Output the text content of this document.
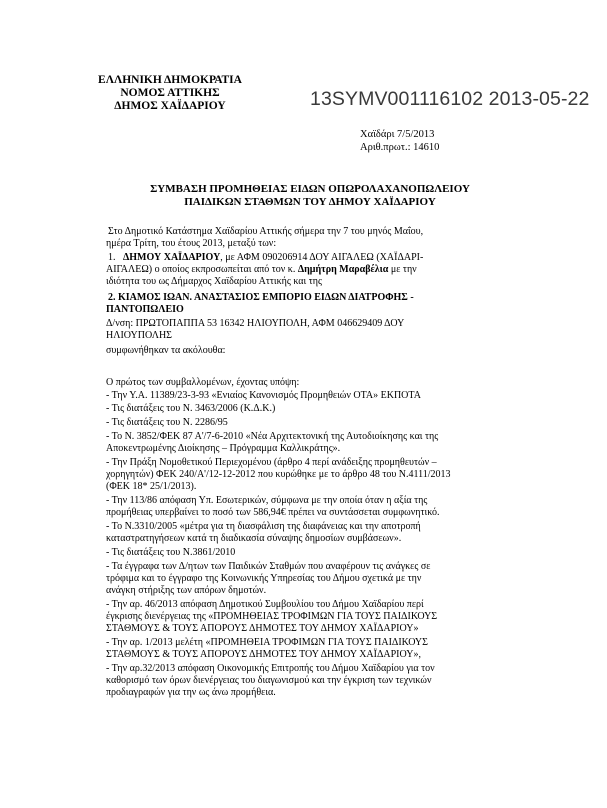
ΕΛΛΗΝΙΚΗ ΔΗΜΟΚΡΑΤΙΑ
ΝΟΜΟΣ ΑΤΤΙΚΗΣ
ΔΗΜΟΣ ΧΑΪΔΑΡΙΟΥ	13SYMV001116102 2013-05-22
Χαϊδάρι 7/5/2013
Αριθ.πρωτ.: 14610
ΣΥΜΒΑΣΗ ΠΡΟΜΗΘΕΙΑΣ ΕΙΔΩΝ ΟΠΩΡΟΛΑΧΑΝΟΠΩΛΕΙΟΥ
ΠΑΙΔΙΚΩΝ ΣΤΑΘΜΩΝ ΤΟΥ ΔΗΜΟΥ ΧΑΪΔΑΡΙΟΥ
Στο Δημοτικό Κατάστημα Χαϊδαρίου Αττικής σήμερα την 7 του μηνός Μαΐου,
ημέρα Τρίτη, του έτους 2013, μεταξύ των:
1. ΔΗΜΟΥ ΧΑΪΔΑΡΙΟΥ, με ΑΦΜ 090206914 ΔΟΥ ΑΙΓΑΛΕΩ (ΧΑΪΔΑΡΙ-
ΑΙΓΑΛΕΩ) ο οποίος εκπροσωπείται από τον κ. Δημήτρη Μαραβέλια με την
ιδιότητα του ως Δήμαρχος Χαϊδαρίου Αττικής και της
2. ΚΙΑΜΟΣ ΙΩΑΝ. ΑΝΑΣΤΑΣΙΟΣ ΕΜΠΟΡΙΟ ΕΙΔΩΝ ΔΙΑΤΡΟΦΗΣ -
ΠΑΝΤΟΠΩΛΕΙΟ
Δ/νση: ΠΡΩΤΟΠΑΠΠΑ 53 16342 ΗΛΙΟΥΠΟΛΗ, ΑΦΜ 046629409 ΔΟΥ
ΗΛΙΟΥΠΟΛΗΣ
συμφωνήθηκαν τα ακόλουθα:
Ο πρώτος των συμβαλλομένων, έχοντας υπόψη:
- Την Υ.Α. 11389/23-3-93 «Ενιαίος Κανονισμός Προμηθειών ΟΤΑ» ΕΚΠΟΤΑ
- Τις διατάξεις του Ν. 3463/2006 (Κ.Δ.Κ.)
- Τις διατάξεις του Ν. 2286/95
- Το Ν. 3852/ΦΕΚ 87 Α'/7-6-2010 «Νέα Αρχιτεκτονική της Αυτοδιοίκησης και της
Αποκεντρωμένης Διοίκησης – Πρόγραμμα Καλλικράτης».
- Την Πράξη Νομοθετικού Περιεχομένου (άρθρο 4 περί ανάδειξης προμηθευτών –
χορηγητών) ΦΕΚ 240/Α'/12-12-2012 που κυρώθηκε με το άρθρο 48 του Ν.4111/2013
(ΦΕΚ 18* 25/1/2013).
- Την 113/86 απόφαση Υπ. Εσωτερικών, σύμφωνα με την οποία όταν η αξία της
προμήθειας υπερβαίνει το ποσό των 586,94€ πρέπει να συντάσσεται συμφωνητικό.
- Το Ν.3310/2005 «μέτρα για τη διασφάλιση της διαφάνειας και την αποτροπή
καταστρατηγήσεων κατά τη διαδικασία σύναψης δημοσίων συμβάσεων».
- Τις διατάξεις του Ν.3861/2010
- Τα έγγραφα των Δ/ητων των Παιδικών Σταθμών που αναφέρουν τις ανάγκες σε
τρόφιμα και το έγγραφο της Κοινωνικής Υπηρεσίας του Δήμου σχετικά με την
ανάγκη στήριξης των απόρων δημοτών.
- Την αρ. 46/2013 απόφαση Δημοτικού Συμβουλίου του Δήμου Χαϊδαρίου περί
έγκρισης διενέργειας της «ΠΡΟΜΗΘΕΙΑΣ ΤΡΟΦΙΜΩΝ ΓΙΑ ΤΟΥΣ ΠΑΙΔΙΚΟΥΣ
ΣΤΑΘΜΟΥΣ & ΤΟΥΣ ΑΠΟΡΟΥΣ ΔΗΜΟΤΕΣ ΤΟΥ ΔΗΜΟΥ ΧΑΪΔΑΡΙΟΥ»
- Την αρ. 1/2013 μελέτη «ΠΡΟΜΗΘΕΙΑ ΤΡΟΦΙΜΩΝ ΓΙΑ ΤΟΥΣ ΠΑΙΔΙΚΟΥΣ
ΣΤΑΘΜΟΥΣ & ΤΟΥΣ ΑΠΟΡΟΥΣ ΔΗΜΟΤΕΣ ΤΟΥ ΔΗΜΟΥ ΧΑΪΔΑΡΙΟΥ»,
- Την αρ.32/2013 απόφαση Οικονομικής Επιτροπής του Δήμου Χαϊδαρίου για τον
καθορισμό των όρων διενέργειας του διαγωνισμού και την έγκριση των τεχνικών
προδιαγραφών για την ως άνω προμήθεια.
